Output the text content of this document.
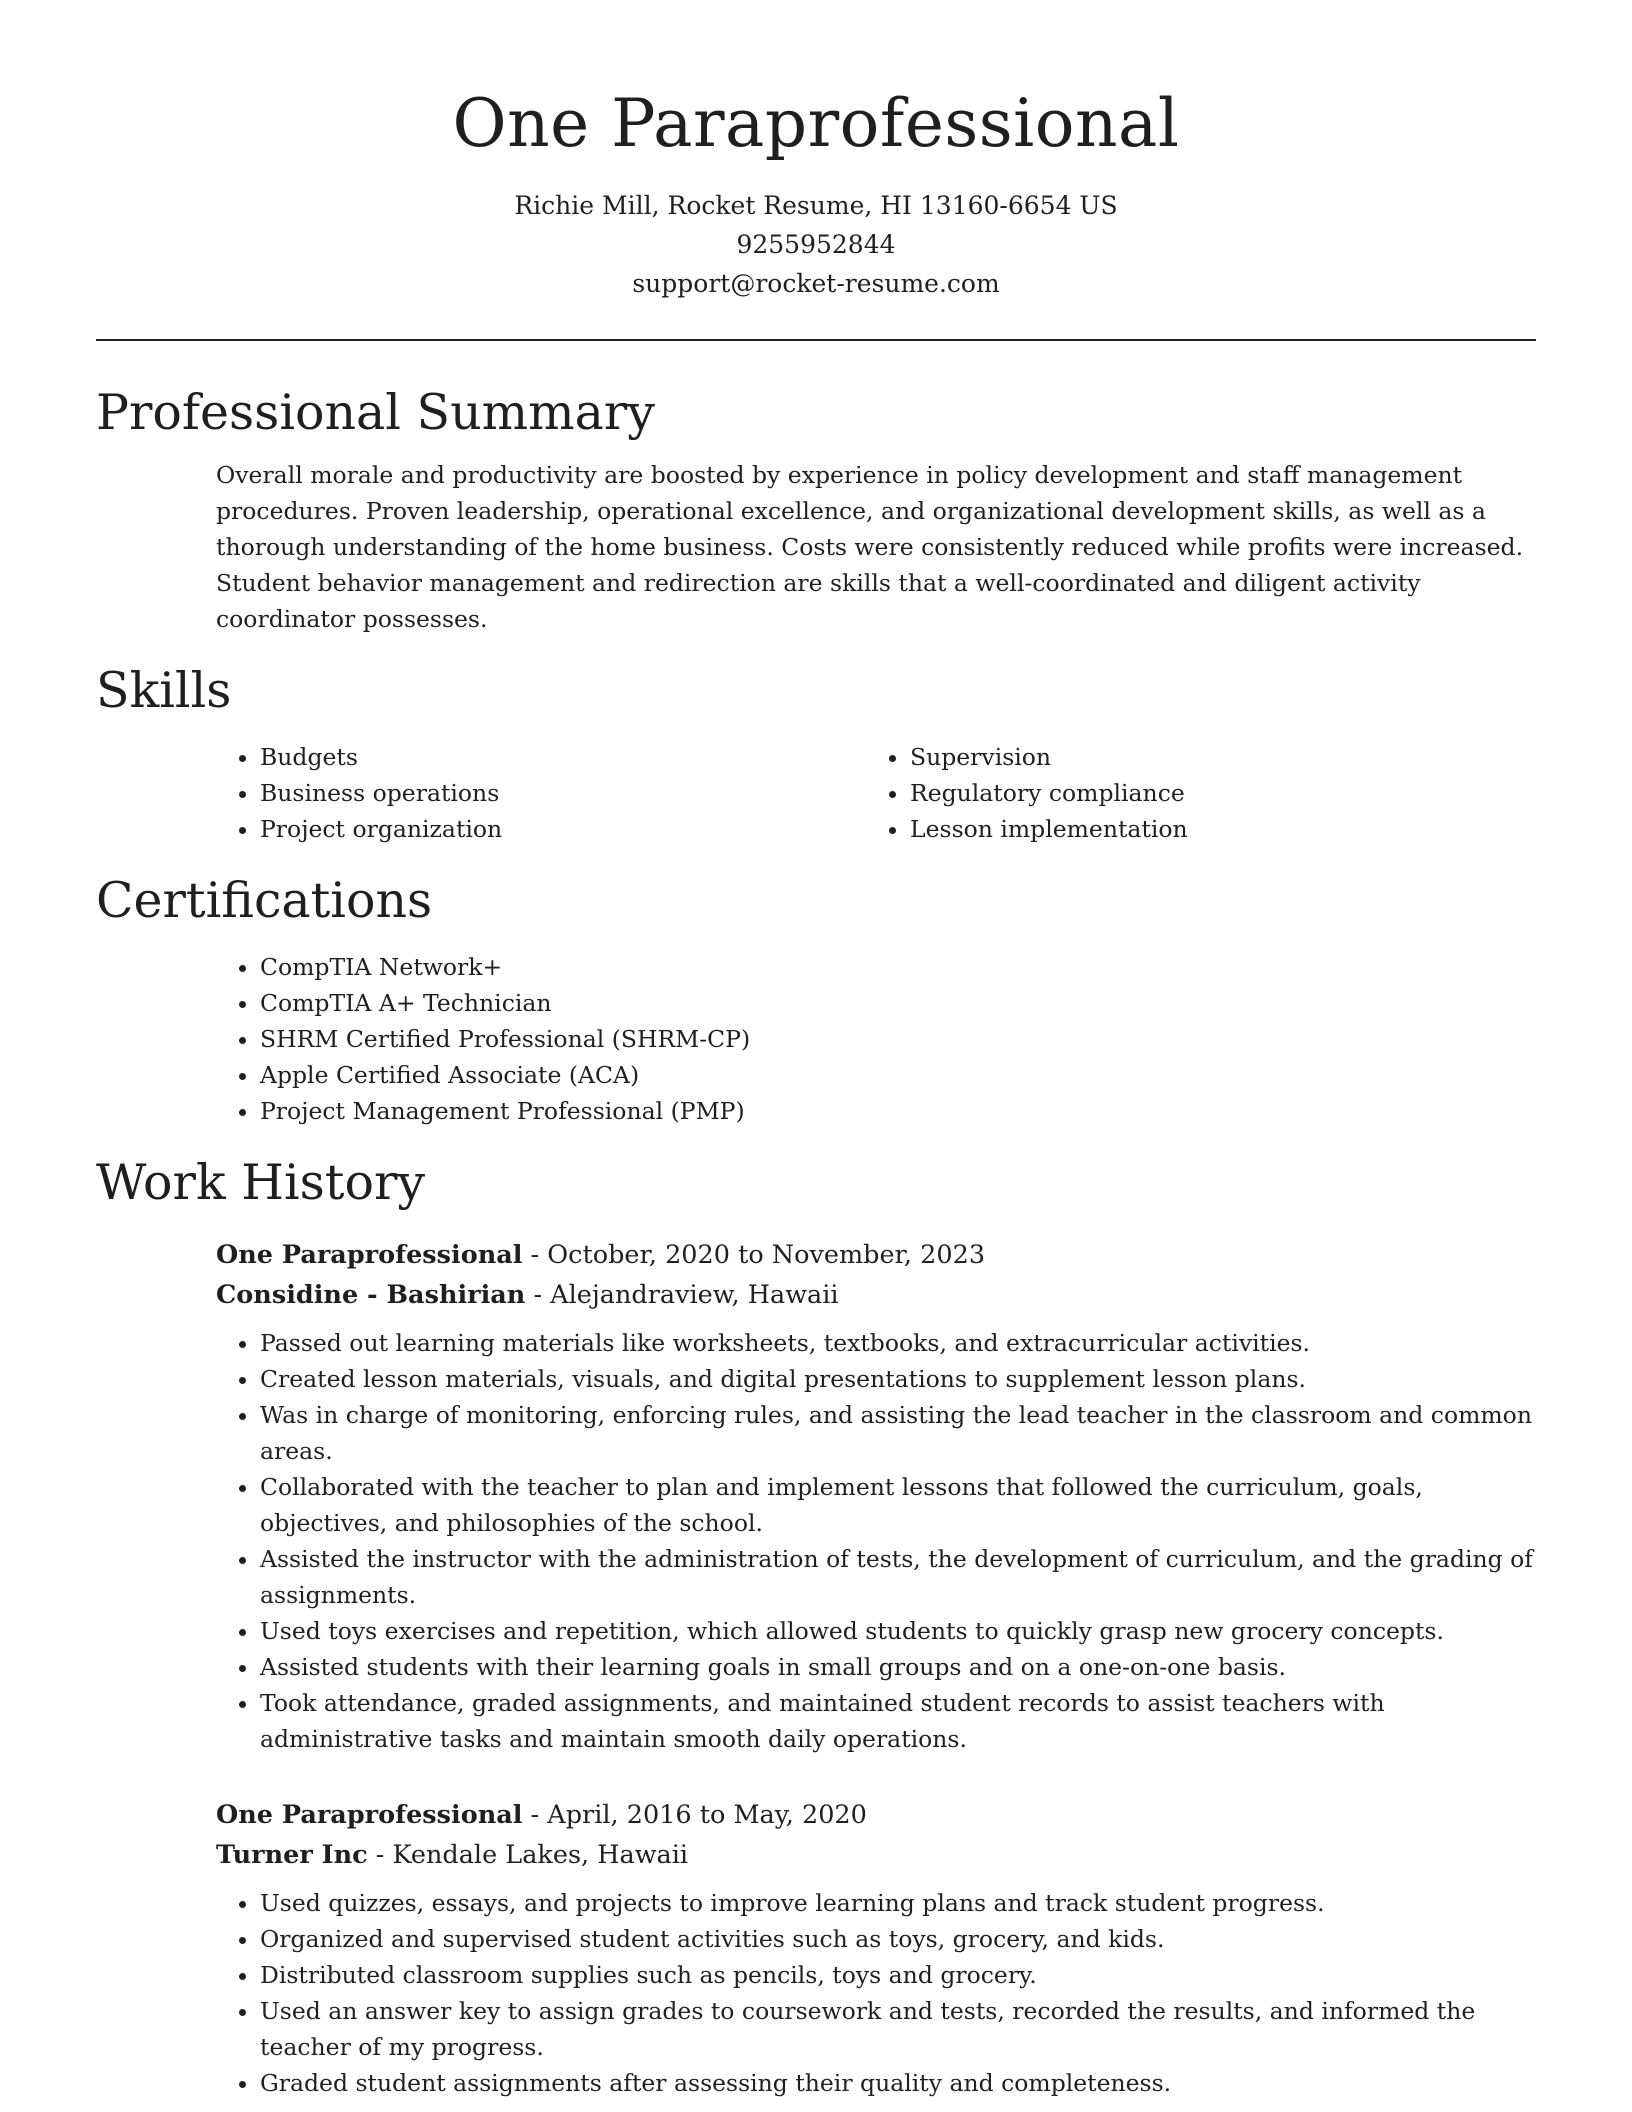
One Paraprofessional
Richie Mill, Rocket Resume, HI 13160-6654 US
9255952844
support@rocket-resume.com
Professional Summary

Overall morale and productivity are boosted by experience in policy development and staff management procedures. Proven leadership, operational excellence, and organizational development skills, as well as a thorough understanding of the home business. Costs were consistently reduced while profits were increased. Student behavior management and redirection are skills that a well-coordinated and diligent activity coordinator possesses.

Skills
• Budgets
• Business operations
• Project organization
• Supervision
• Regulatory compliance
• Lesson implementation
Certifications
• CompTIA Network+
• CompTIA A+ Technician
• SHRM Certified Professional (SHRM-CP)
• Apple Certified Associate (ACA)
• Project Management Professional (PMP)
Work History
One Paraprofessional - October, 2020 to November, 2023
Considine - Bashirian - Alejandraview, Hawaii
• Passed out learning materials like worksheets, textbooks, and extracurricular activities.
• Created lesson materials, visuals, and digital presentations to supplement lesson plans.
• Was in charge of monitoring, enforcing rules, and assisting the lead teacher in the classroom and common areas.
• Collaborated with the teacher to plan and implement lessons that followed the curriculum, goals, objectives, and philosophies of the school.
• Assisted the instructor with the administration of tests, the development of curriculum, and the grading of assignments.
• Used toys exercises and repetition, which allowed students to quickly grasp new grocery concepts.
• Assisted students with their learning goals in small groups and on a one-on-one basis.
• Took attendance, graded assignments, and maintained student records to assist teachers with administrative tasks and maintain smooth daily operations.
One Paraprofessional - April, 2016 to May, 2020
Turner Inc - Kendale Lakes, Hawaii
• Used quizzes, essays, and projects to improve learning plans and track student progress.
• Organized and supervised student activities such as toys, grocery, and kids.
• Distributed classroom supplies such as pencils, toys and grocery.
• Used an answer key to assign grades to coursework and tests, recorded the results, and informed the teacher of my progress.
• Graded student assignments after assessing their quality and completeness.
